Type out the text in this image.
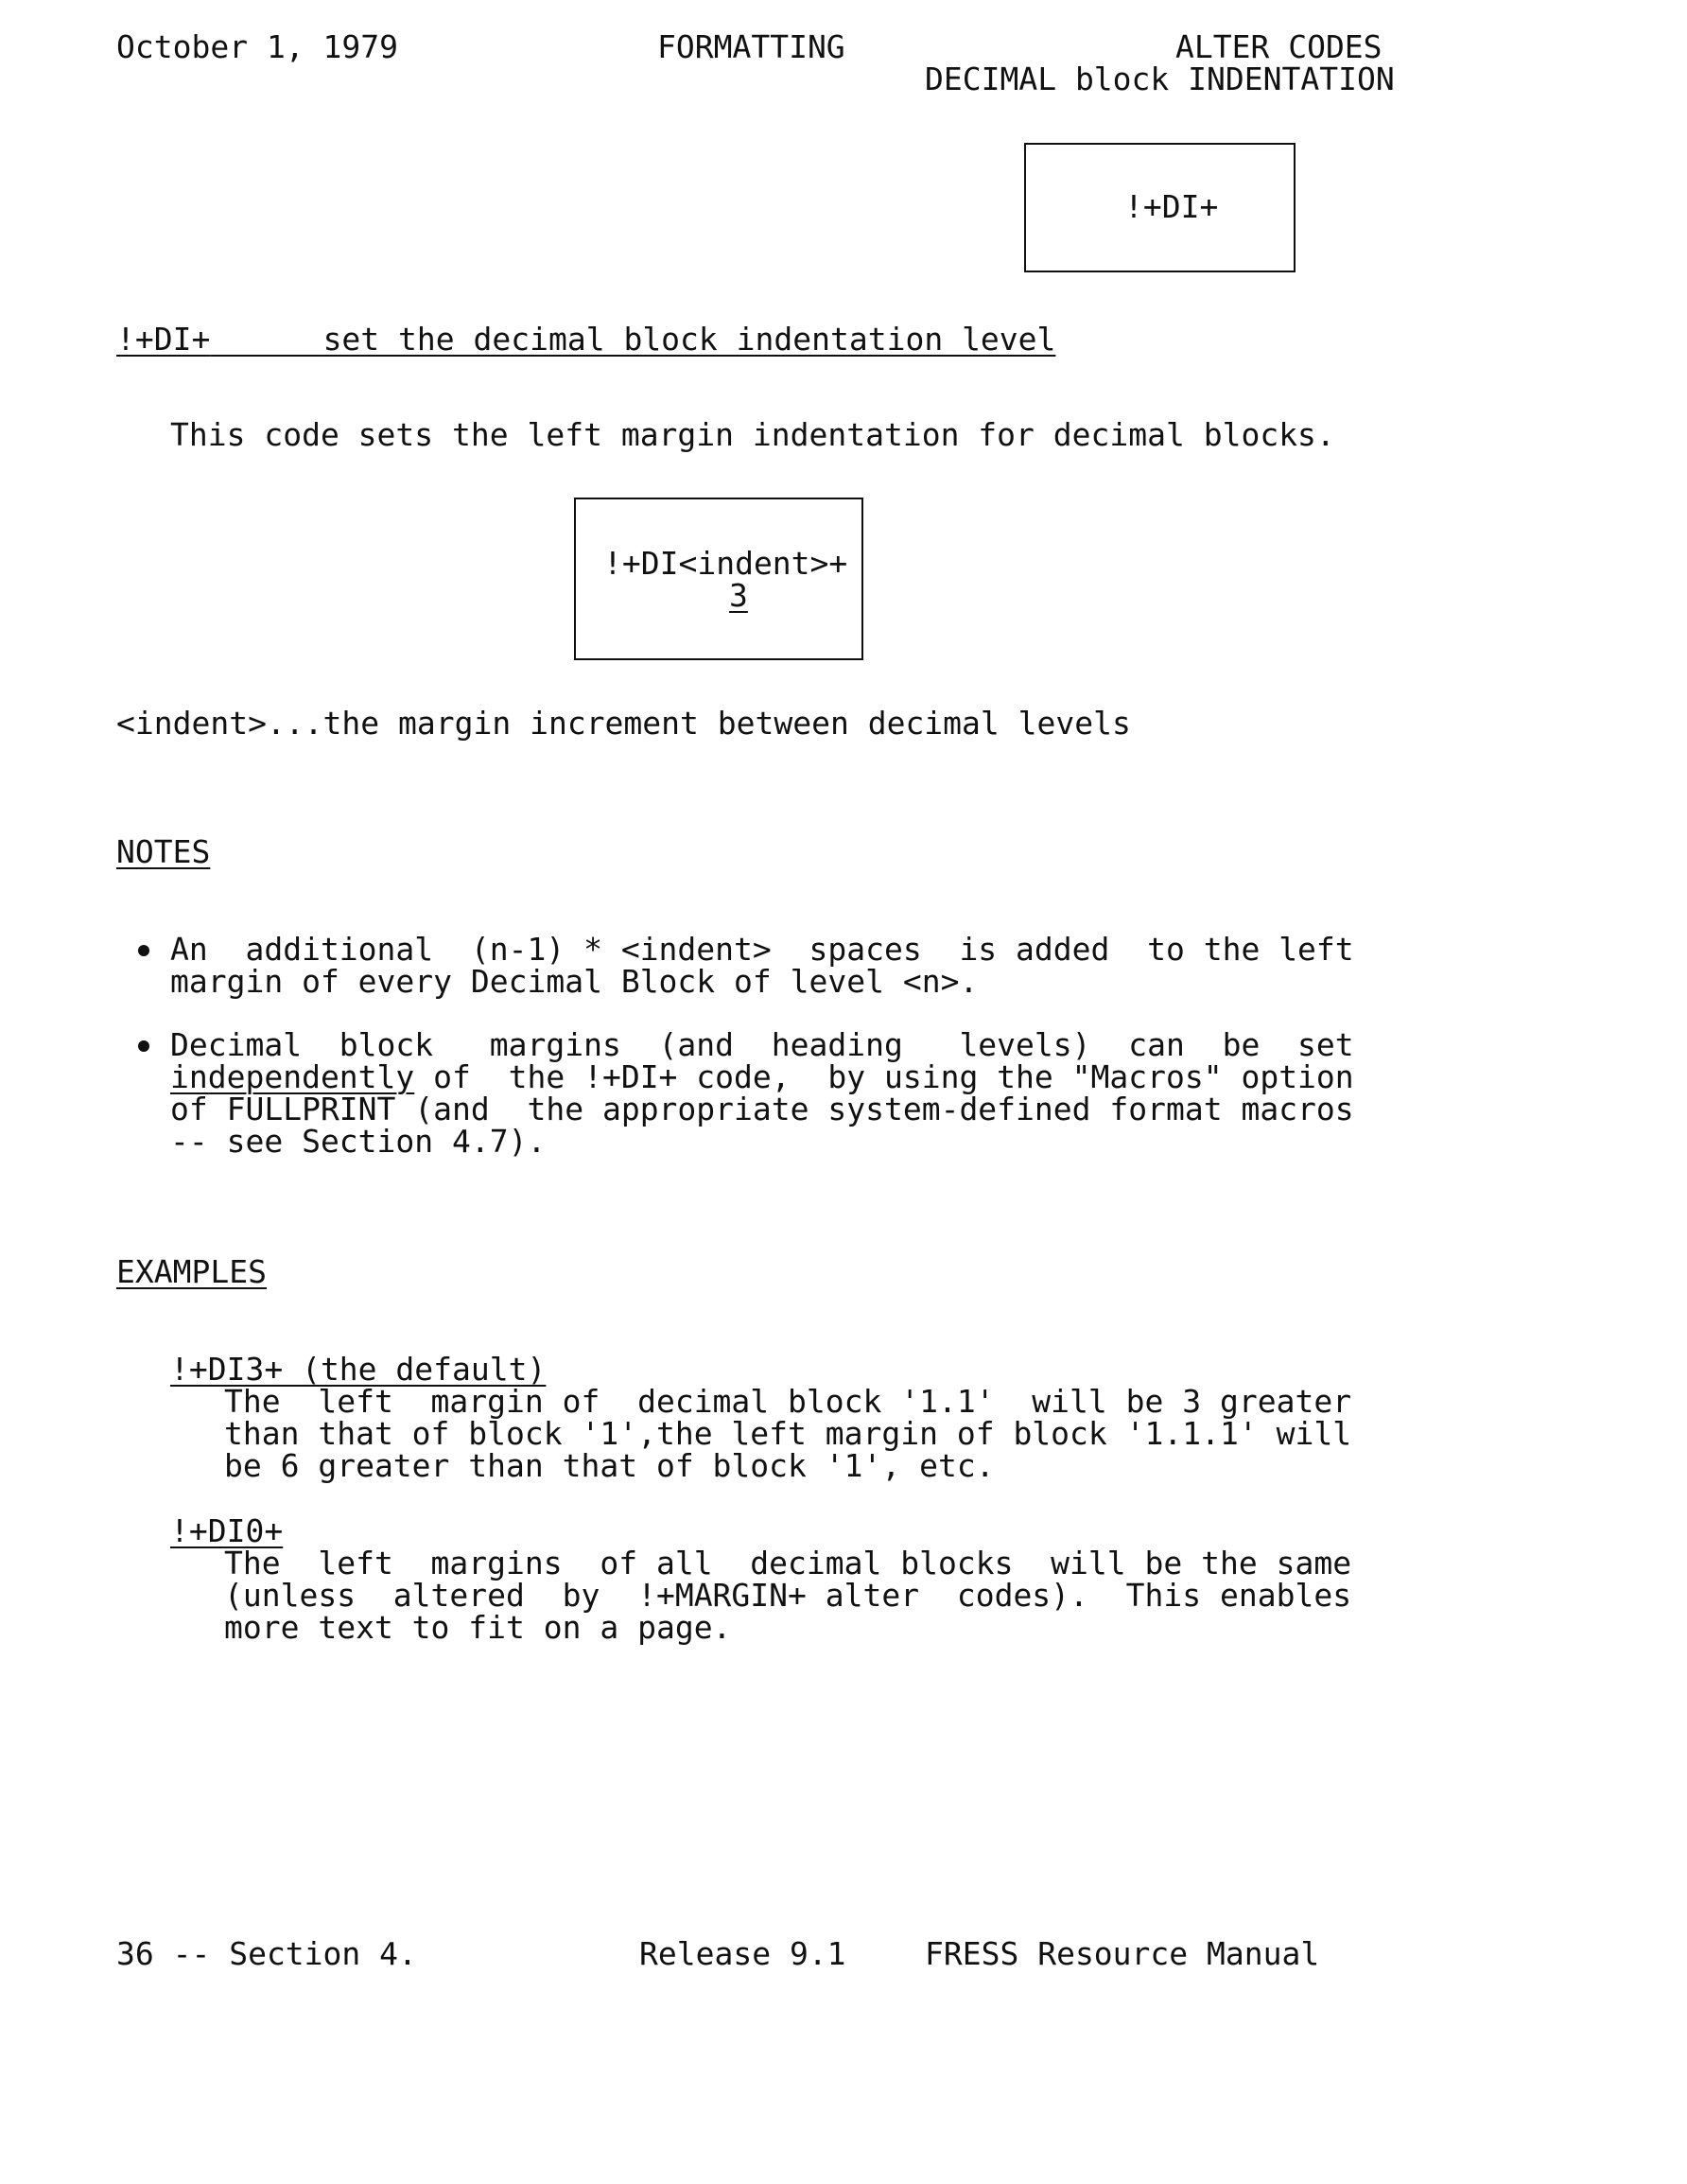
October 1, 1979	FORMATTING	ALTER CODES
DECIMAL block INDENTATION
!+DI+
!+DI+	set the decimal block indentation level
This code sets the left margin indentation for decimal blocks.
!+DI<indent>+
3
<indent>...the margin increment between decimal levels
NOTES
An  additional  (n-1) * <indent>  spaces  is added  to the left
margin of every Decimal Block of level <n>.
Decimal  block   margins  (and  heading   levels)  can  be  set
independently of  the !+DI+ code,  by using the "Macros" option
of FULLPRINT (and  the appropriate system-defined format macros
-- see Section 4.7).
EXAMPLES
!+DI3+ (the default)
The  left  margin of  decimal block '1.1'  will be 3 greater
than that of block '1',the left margin of block '1.1.1' will
be 6 greater than that of block '1', etc.
!+DI0+
The  left  margins  of all  decimal blocks  will be the same
(unless  altered  by  !+MARGIN+ alter  codes).  This enables
more text to fit on a page.
36 -- Section 4.	Release 9.1	FRESS Resource Manual
